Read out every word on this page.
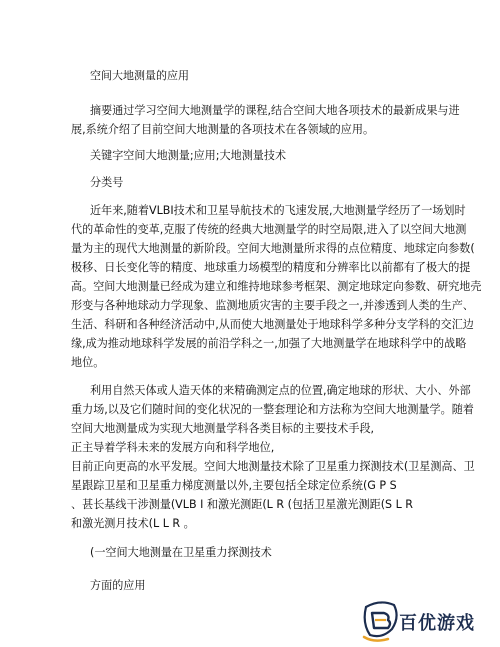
空间大地测量的应用
摘要通过学习空间大地测量学的课程,结合空间大地各项技术的最新成果与进
展,系统介绍了目前空间大地测量的各项技术在各领域的应用。
关键字空间大地测量;应用;大地测量技术
分类号
近年来,随着VLBI技术和卫星导航技术的飞速发展,大地测量学经历了一场划时
代的革命性的变革,克服了传统的经典大地测量学的时空局限,进入了以空间大地测
量为主的现代大地测量的新阶段。空间大地测量所求得的点位精度、地球定向参数(
极移、日长变化等的精度、地球重力场模型的精度和分辨率比以前都有了极大的提
高。空间大地测量已经成为建立和维持地球参考框架、测定地球定向参数、研究地壳
形变与各种地球动力学现象、监测地质灾害的主要手段之一,并渗透到人类的生产、
生活、科研和各种经济活动中,从而使大地测量处于地球科学多种分支学科的交汇边
缘,成为推动地球科学发展的前沿学科之一,加强了大地测量学在地球科学中的战略
地位。
利用自然天体或人造天体的来精确测定点的位置,确定地球的形状、大小、外部
重力场,以及它们随时间的变化状况的一整套理论和方法称为空间大地测量学。随着
空间大地测量成为实现大地测量学科各类目标的主要技术手段,
正主导着学科未来的发展方向和科学地位,
目前正向更高的水平发展。空间大地测量技术除了卫星重力探测技术(卫星测高、卫
星跟踪卫星和卫星重力梯度测量以外,主要包括全球定位系统(G P S
、甚长基线干涉测量(VLB I 和激光测距(L R (包括卫星激光测距(S L R
和激光测月技术(L L R 。
(一空间大地测量在卫星重力探测技术
方面的应用
百优游戏
